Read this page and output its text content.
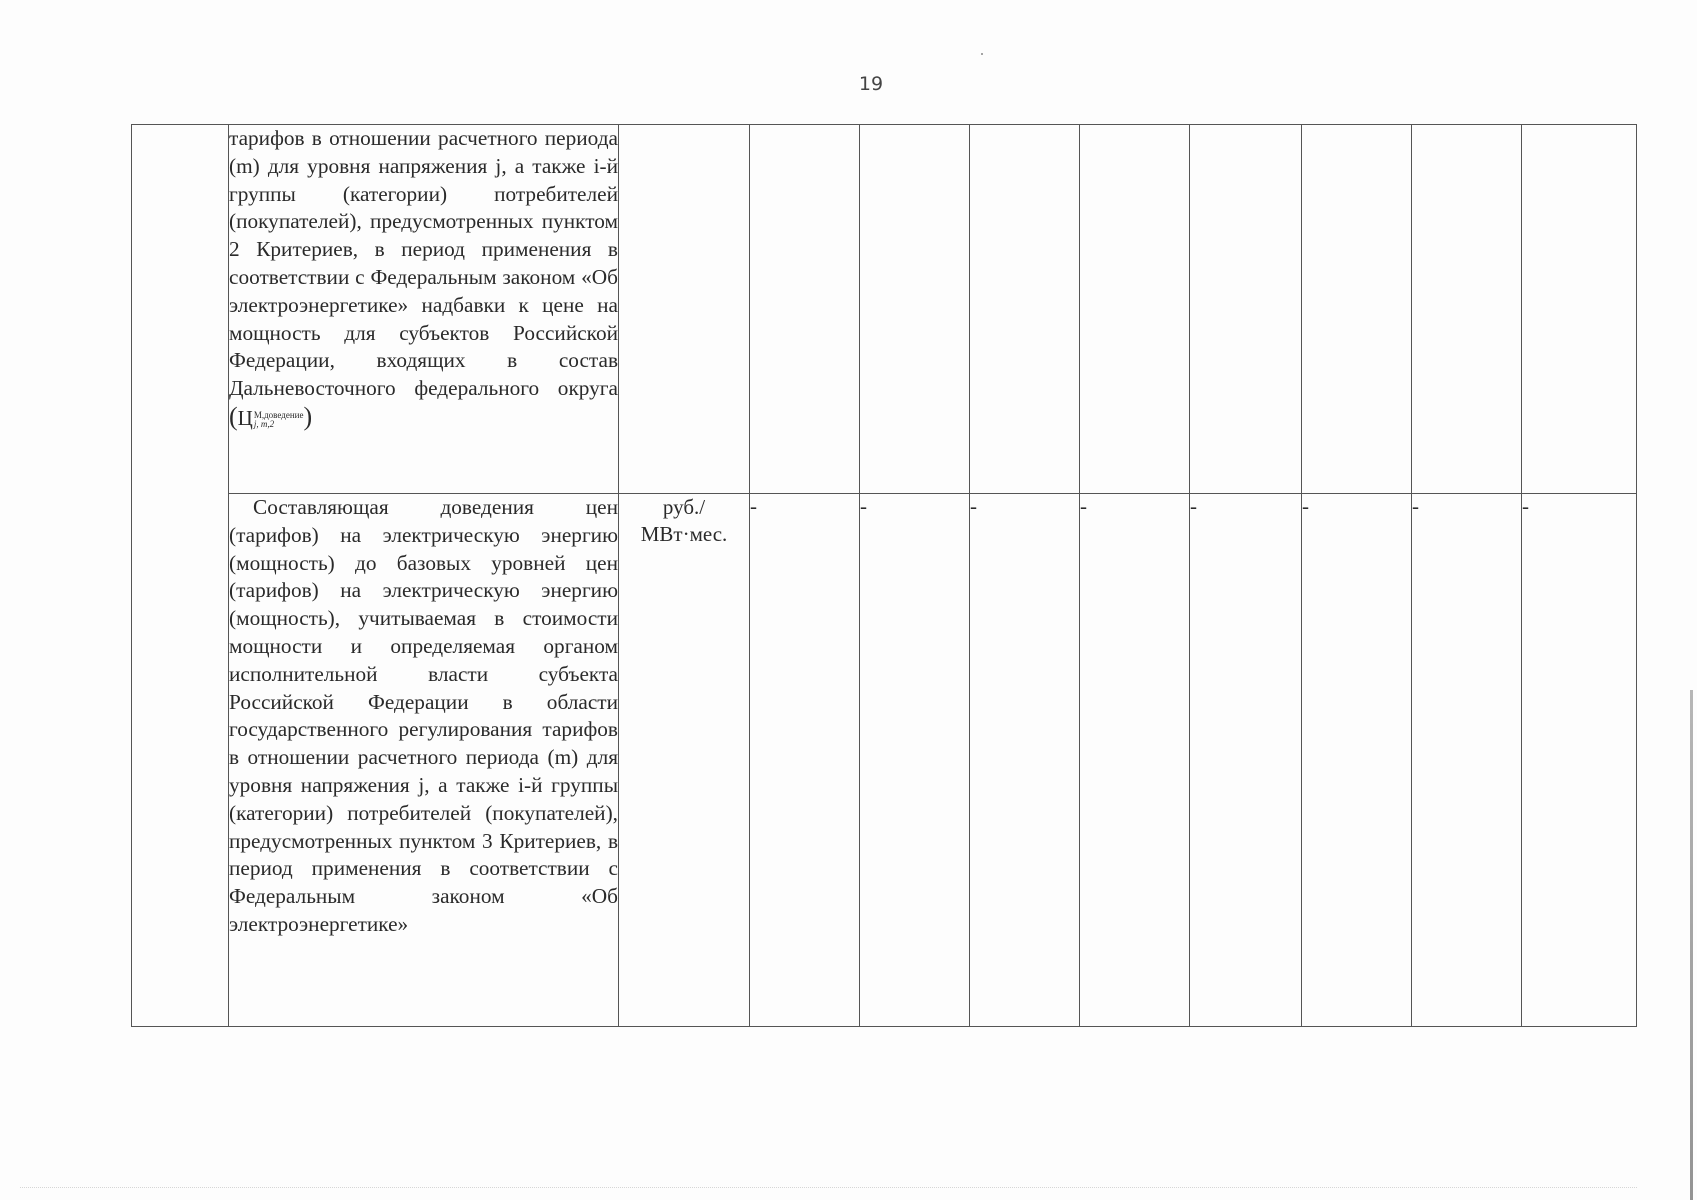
19

	тарифов в отношении расчетного периода (m) для уровня напряжения j, а также i-й группы (категории) потребителей (покупателей), предусмотренных пунктом 2 Критериев, в период применения в соответствии с Федеральным законом «Об электроэнергетике» надбавки к цене на мощность для субъектов Российской Федерации, входящих в состав Дальневосточного федерального округа (Ц М,доведение
j, m,2 )									

	Составляющая доведения цен (тарифов) на электрическую энергию (мощность) до базовых уровней цен (тарифов) на электрическую энергию (мощность), учитываемая в стоимости мощности и определяемая органом исполнительной власти субъекта Российской Федерации в области государственного регулирования тарифов в отношении расчетного периода (m) для уровня напряжения j, а также i-й группы (категории) потребителей (покупателей), предусмотренных пунктом 3 Критериев, в период применения в соответствии с Федеральным законом «Об электроэнергетике»	руб./ МВт·мес.	-	-	-	-	-	-	-	-
